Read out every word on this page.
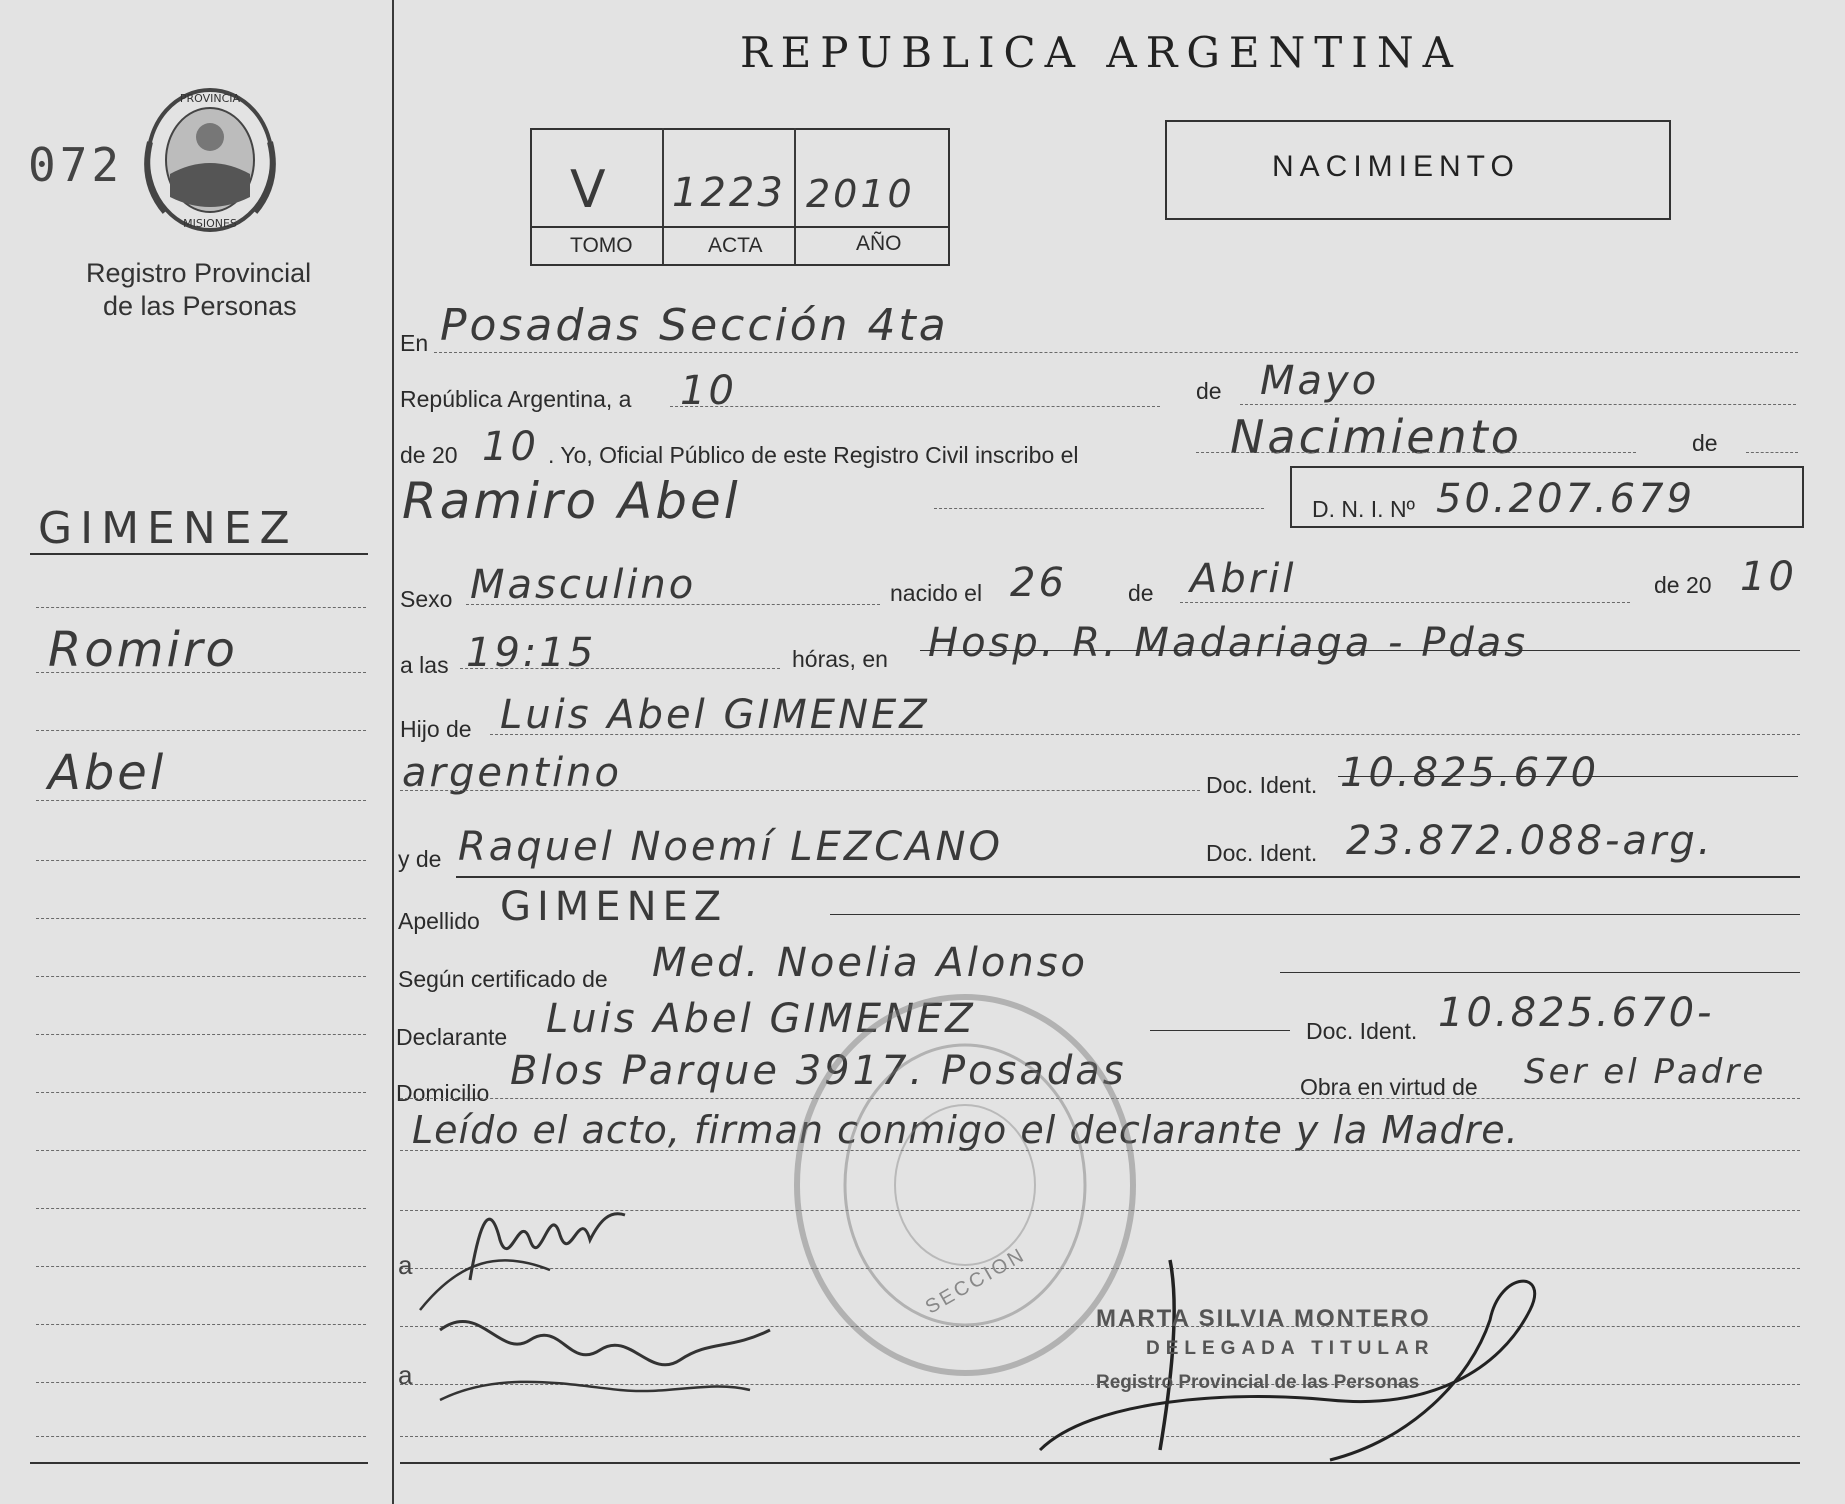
072
PROVINCIA
MISIONES
Registro Provincial
de las Personas
GIMENEZ
Romiro
Abel
REPUBLICA ARGENTINA
V 1223 2010
TOMO	ACTA	AÑO
NACIMIENTO
En Posadas Sección 4ta
República Argentina, a 10	de Mayo
de 20 10 . Yo, Oficial Público de este Registro Civil inscribo el	Nacimiento	de
Ramiro Abel	D. N. I. Nº 50.207.679
Sexo Masculino	nacido el 26	de Abril	de 20 10
a las 19:15	hóras, en Hosp. R. Madariaga - Pdas
Hijo de Luis Abel GIMENEZ
argentino	Doc. Ident. 10.825.670
y de Raquel Noemí LEZCANO	Doc. Ident. 23.872.088-arg.
Apellido GIMENEZ
Según certificado de Med. Noelia Alonso
Declarante Luis Abel GIMENEZ	Doc. Ident. 10.825.670-
Domicilio Blos Parque 3917. Posadas	Obra en virtud de Ser el Padre
Leído el acto, firman conmigo el declarante y la Madre.
SECCION
a
a
MARTA SILVIA MONTERO
DELEGADA TITULAR
Registro Provincial de las Personas
